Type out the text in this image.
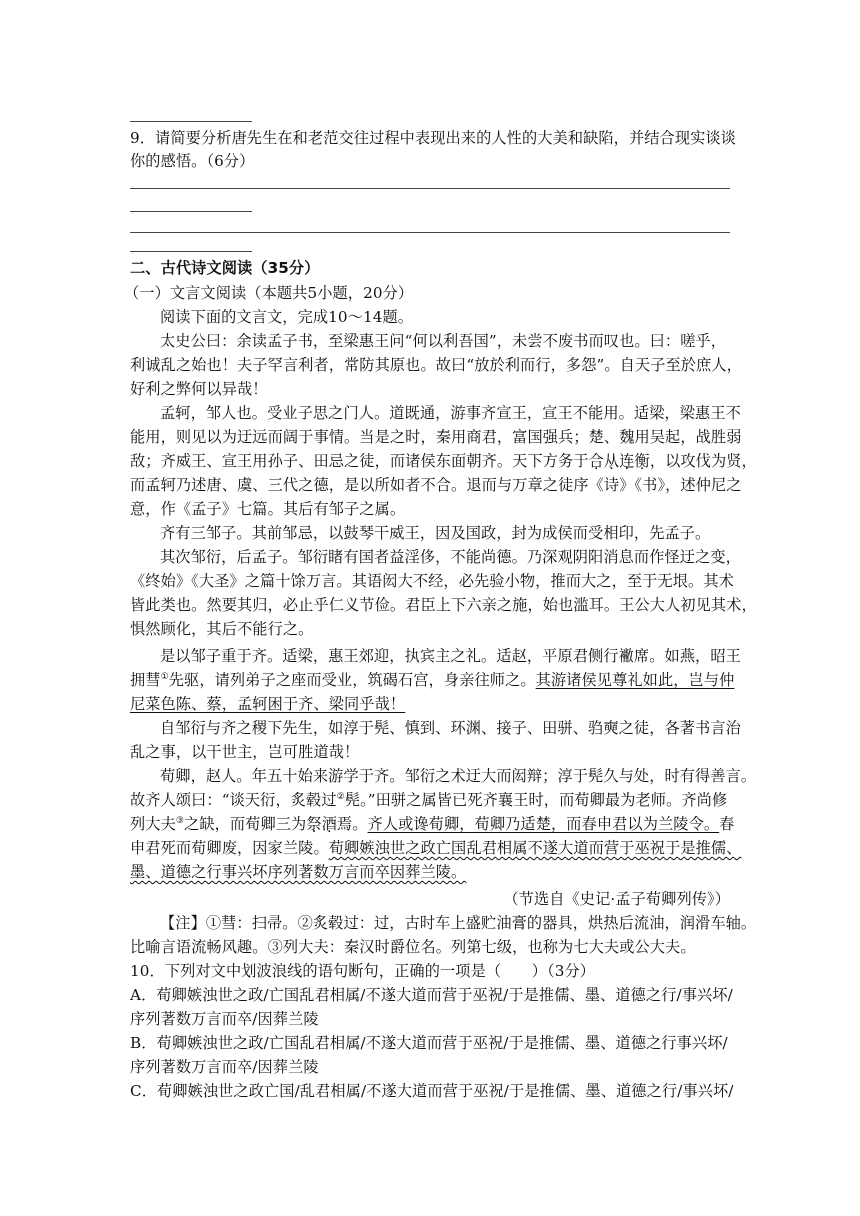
9．请简要分析唐先生在和老范交往过程中表现出来的人性的大美和缺陷，并结合现实谈谈
你的感悟。（6分）
二、古代诗文阅读（35分）
（一）文言文阅读（本题共5小题，20分）
阅读下面的文言文，完成10～14题。
太史公曰：余读孟子书，至梁惠王问“何以利吾国”，未尝不废书而叹也。曰：嗟乎，
利诚乱之始也！夫子罕言利者，常防其原也。故曰“放於利而行，多怨”。自天子至於庶人，
好利之弊何以异哉！
孟轲，邹人也。受业子思之门人。道既通，游事齐宣王，宣王不能用。适梁，梁惠王不
能用，则见以为迂远而阔于事情。当是之时，秦用商君，富国强兵；楚、魏用吴起，战胜弱
敌；齐威王、宣王用孙子、田忌之徒，而诸侯东面朝齐。天下方务于合从连衡，以攻伐为贤，
而孟轲乃述唐、虞、三代之德，是以所如者不合。退而与万章之徒序《诗》《书》，述仲尼之
意，作《孟子》七篇。其后有邹子之属。
齐有三邹子。其前邹忌，以鼓琴干威王，因及国政，封为成侯而受相印，先孟子。
其次邹衍，后孟子。邹衍睹有国者益淫侈，不能尚德。乃深观阴阳消息而作怪迂之变，
《终始》《大圣》之篇十馀万言。其语闳大不经，必先验小物，推而大之，至于无垠。其术
皆此类也。然要其归，必止乎仁义节俭。君臣上下六亲之施，始也滥耳。王公大人初见其术，
惧然顾化，其后不能行之。
是以邹子重于齐。适梁，惠王郊迎，执宾主之礼。适赵，平原君侧行襒席。如燕，昭王
拥彗①先驱，请列弟子之座而受业，筑碣石宫，身亲往师之。其游诸侯见尊礼如此，岂与仲
尼菜色陈、蔡，孟轲困于齐、梁同乎哉！
自邹衍与齐之稷下先生，如淳于髡、慎到、环渊、接子、田骈、驺奭之徒，各著书言治
乱之事，以干世主，岂可胜道哉！
荀卿，赵人。年五十始来游学于齐。邹衍之术迂大而闳辩；淳于髡久与处，时有得善言。
故齐人颂曰：“谈天衍，炙毂过②髡。”田骈之属皆已死齐襄王时，而荀卿最为老师。齐尚修
列大夫③之缺，而荀卿三为祭酒焉。齐人或谗荀卿，荀卿乃适楚，而春申君以为兰陵令。春
申君死而荀卿废，因家兰陵。荀卿嫉浊世之政亡国乱君相属不遂大道而营于巫祝于是推儒、
墨、道德之行事兴坏序列著数万言而卒因葬兰陵。
（节选自《史记·孟子荀卿列传》）
【注】①彗：扫帚。②炙毂过：过，古时车上盛贮油膏的器具，烘热后流油，润滑车轴。
比喻言语流畅风趣。③列大夫：秦汉时爵位名。列第七级，也称为七大夫或公大夫。
10．下列对文中划波浪线的语句断句，正确的一项是（　　）（3分）
A．荀卿嫉浊世之政/亡国乱君相属/不遂大道而营于巫祝/于是推儒、墨、道德之行/事兴坏/
序列著数万言而卒/因葬兰陵
B．荀卿嫉浊世之政/亡国乱君相属/不遂大道而营于巫祝/于是推儒、墨、道德之行事兴坏/
序列著数万言而卒/因葬兰陵
C．荀卿嫉浊世之政亡国/乱君相属/不遂大道而营于巫祝/于是推儒、墨、道德之行/事兴坏/
